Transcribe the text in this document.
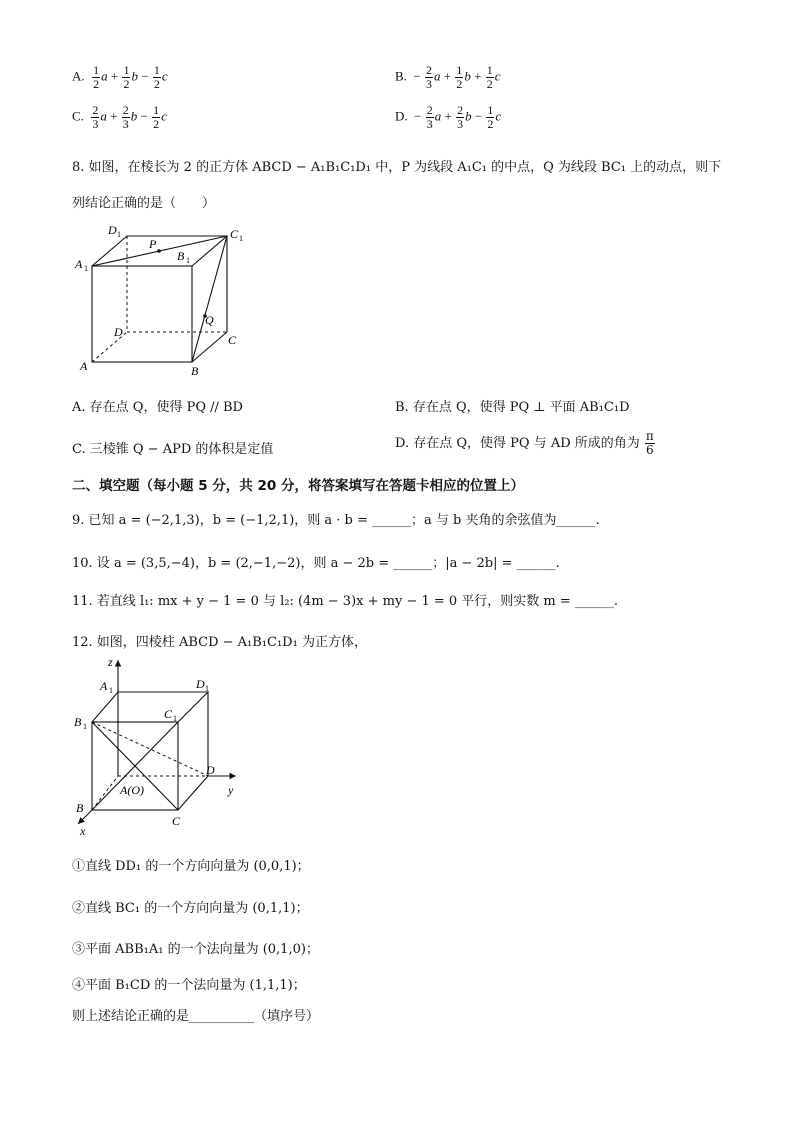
A. $\frac{1}{2}$ $a + \frac{1}{2}$ $b - \frac{1}{2}$ c	B. − $\frac{2}{3}$ $a + \frac{1}{2}$ $b + \frac{1}{2}$ c
C. $\frac{2}{3}$ $a + \frac{2}{3}$ $b - \frac{1}{2}$ c	D. − $\frac{2}{3}$ $a + \frac{2}{3}$ $b - \frac{1}{2}$ c
8. 如图，在棱长为 2 的正方体 ABCD − A₁B₁C₁D₁ 中，P 为线段 A₁C₁ 的中点，Q 为线段 BC₁ 上的动点，则下
列结论正确的是（　　）
D 1	C 1
A 1
P
B 1
Q
D
C
A	B
A. 存在点 Q，使得 PQ // BD	B. 存在点 Q，使得 PQ ⊥ 平面 AB₁C₁D
C. 三棱锥 Q − APD 的体积是定值	D. 存在点 Q，使得 PQ 与 AD 所成的角为 $\frac{\pi}{6}$
二、填空题（每小题 5 分，共 20 分，将答案填写在答题卡相应的位置上）
9. 已知 a = (−2,1,3)，b = (−1,2,1)，则 a · b = ______；a 与 b 夹角的余弦值为______.
10. 设 a = (3,5,−4)，b = (2,−1,−2)，则 a − 2b = ______；|a − 2b| = ______.
11. 若直线 l₁: mx + y − 1 = 0 与 l₂: (4m − 3)x + my − 1 = 0 平行，则实数 m = ______.
12. 如图，四棱柱 ABCD − A₁B₁C₁D₁ 为正方体，
z
A 1	D 1
B 1
C 1
D
A(O)	y
B
C
x
①直线 DD₁ 的一个方向向量为 (0,0,1)；
②直线 BC₁ 的一个方向向量为 (0,1,1)；
③平面 ABB₁A₁ 的一个法向量为 (0,1,0)；
④平面 B₁CD 的一个法向量为 (1,1,1)；
则上述结论正确的是__________（填序号）
